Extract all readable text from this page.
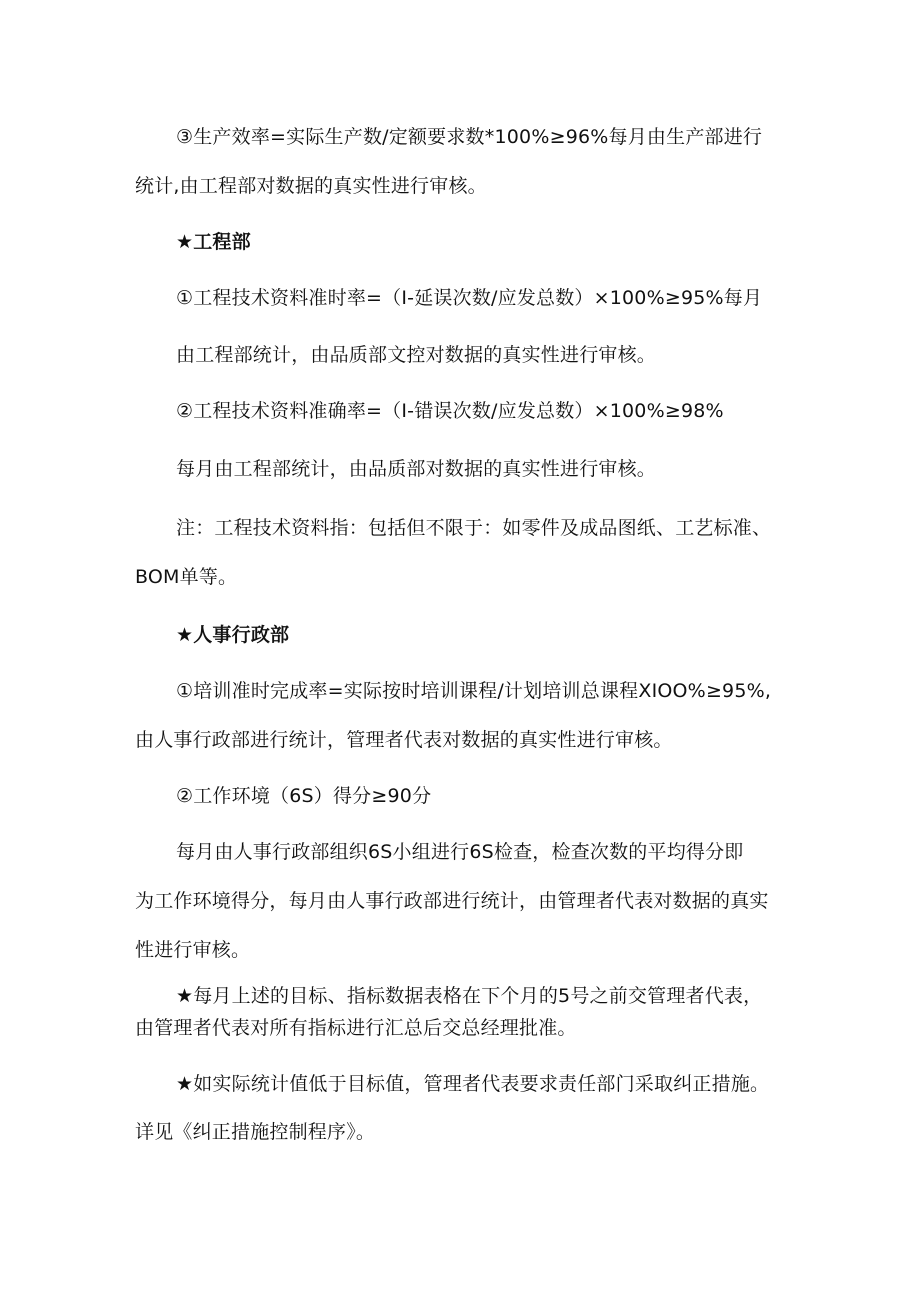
③生产效率=实际生产数/定额要求数*100%≥96%每月由生产部进行
统计,由工程部对数据的真实性进行审核。
★工程部
①工程技术资料准时率=（I-延误次数/应发总数）×100%≥95%每月
由工程部统计，由品质部文控对数据的真实性进行审核。
②工程技术资料准确率=（I-错误次数/应发总数）×100%≥98%
每月由工程部统计，由品质部对数据的真实性进行审核。
注：工程技术资料指：包括但不限于：如零件及成品图纸、工艺标准、
BOM单等。
★人事行政部
①培训准时完成率=实际按时培训课程/计划培训总课程XIOO%≥95%,
由人事行政部进行统计，管理者代表对数据的真实性进行审核。
②工作环境（6S）得分≥90分
每月由人事行政部组织6S小组进行6S检查，检查次数的平均得分即
为工作环境得分，每月由人事行政部进行统计，由管理者代表对数据的真实
性进行审核。
★每月上述的目标、指标数据表格在下个月的5号之前交管理者代表，
由管理者代表对所有指标进行汇总后交总经理批准。
★如实际统计值低于目标值，管理者代表要求责任部门采取纠正措施。
详见《纠正措施控制程序》。
